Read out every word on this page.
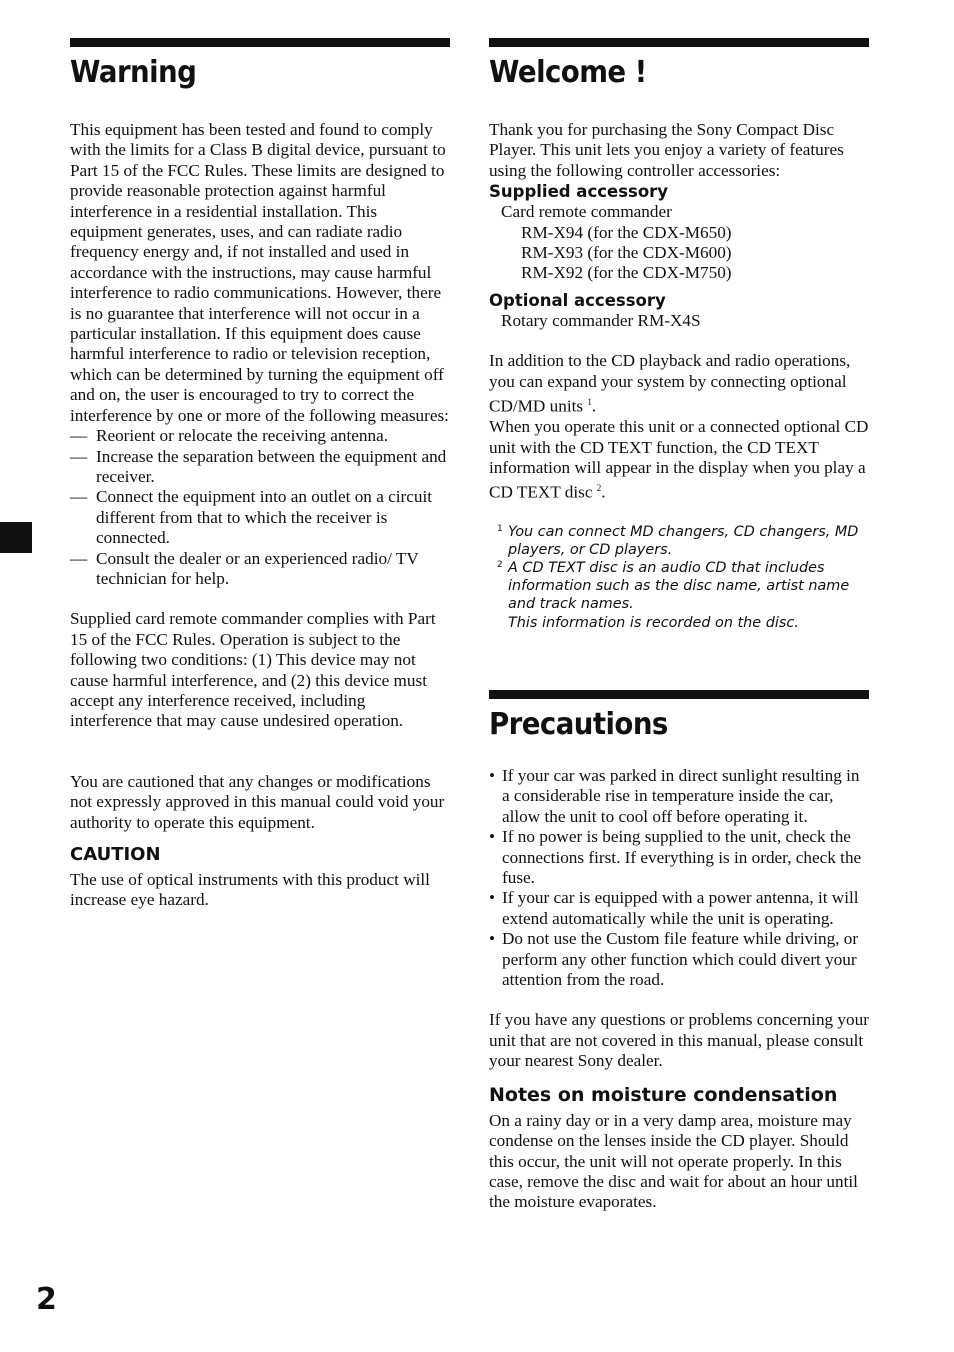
Warning

This equipment has been tested and found to comply with the limits for a Class B digital device, pursuant to Part 15 of the FCC Rules. These limits are designed to provide reasonable protection against harmful interference in a residential installation. This equipment generates, uses, and can radiate radio frequency energy and, if not installed and used in accordance with the instructions, may cause harmful interference to radio communications. However, there is no guarantee that interference will not occur in a particular installation. If this equipment does cause harmful interference to radio or television reception, which can be determined by turning the equipment off and on, the user is encouraged to try to correct the interference by one or more of the following measures:

— Reorient or relocate the receiving antenna.
— Increase the separation between the equipment and receiver.
— Connect the equipment into an outlet on a circuit different from that to which the receiver is connected.
— Consult the dealer or an experienced radio/ TV technician for help.

Supplied card remote commander complies with Part 15 of the FCC Rules. Operation is subject to the following two conditions: (1) This device may not cause harmful interference, and (2) this device must accept any interference received, including interference that may cause undesired operation.

You are cautioned that any changes or modifications not expressly approved in this manual could void your authority to operate this equipment.

CAUTION

The use of optical instruments with this product will increase eye hazard.

Welcome !

Thank you for purchasing the Sony Compact Disc Player. This unit lets you enjoy a variety of features using the following controller accessories:

Supplied accessory
Card remote commander
RM-X94 (for the CDX-M650)
RM-X93 (for the CDX-M600)
RM-X92 (for the CDX-M750)
Optional accessory
Rotary commander RM-X4S

In addition to the CD playback and radio operations, you can expand your system by connecting optional CD/MD units $^1$.

When you operate this unit or a connected optional CD unit with the CD TEXT function, the CD TEXT information will appear in the display when you play a CD TEXT disc $^2$.

1 You can connect MD changers, CD changers, MD players, or CD players.
2 A CD TEXT disc is an audio CD that includes information such as the disc name, artist name and track names.
This information is recorded on the disc.
Precautions
• If your car was parked in direct sunlight resulting in a considerable rise in temperature inside the car, allow the unit to cool off before operating it.
• If no power is being supplied to the unit, check the connections first. If everything is in order, check the fuse.
• If your car is equipped with a power antenna, it will extend automatically while the unit is operating.
• Do not use the Custom file feature while driving, or perform any other function which could divert your attention from the road.

If you have any questions or problems concerning your unit that are not covered in this manual, please consult your nearest Sony dealer.

Notes on moisture condensation

On a rainy day or in a very damp area, moisture may condense on the lenses inside the CD player. Should this occur, the unit will not operate properly. In this case, remove the disc and wait for about an hour until the moisture evaporates.

2
